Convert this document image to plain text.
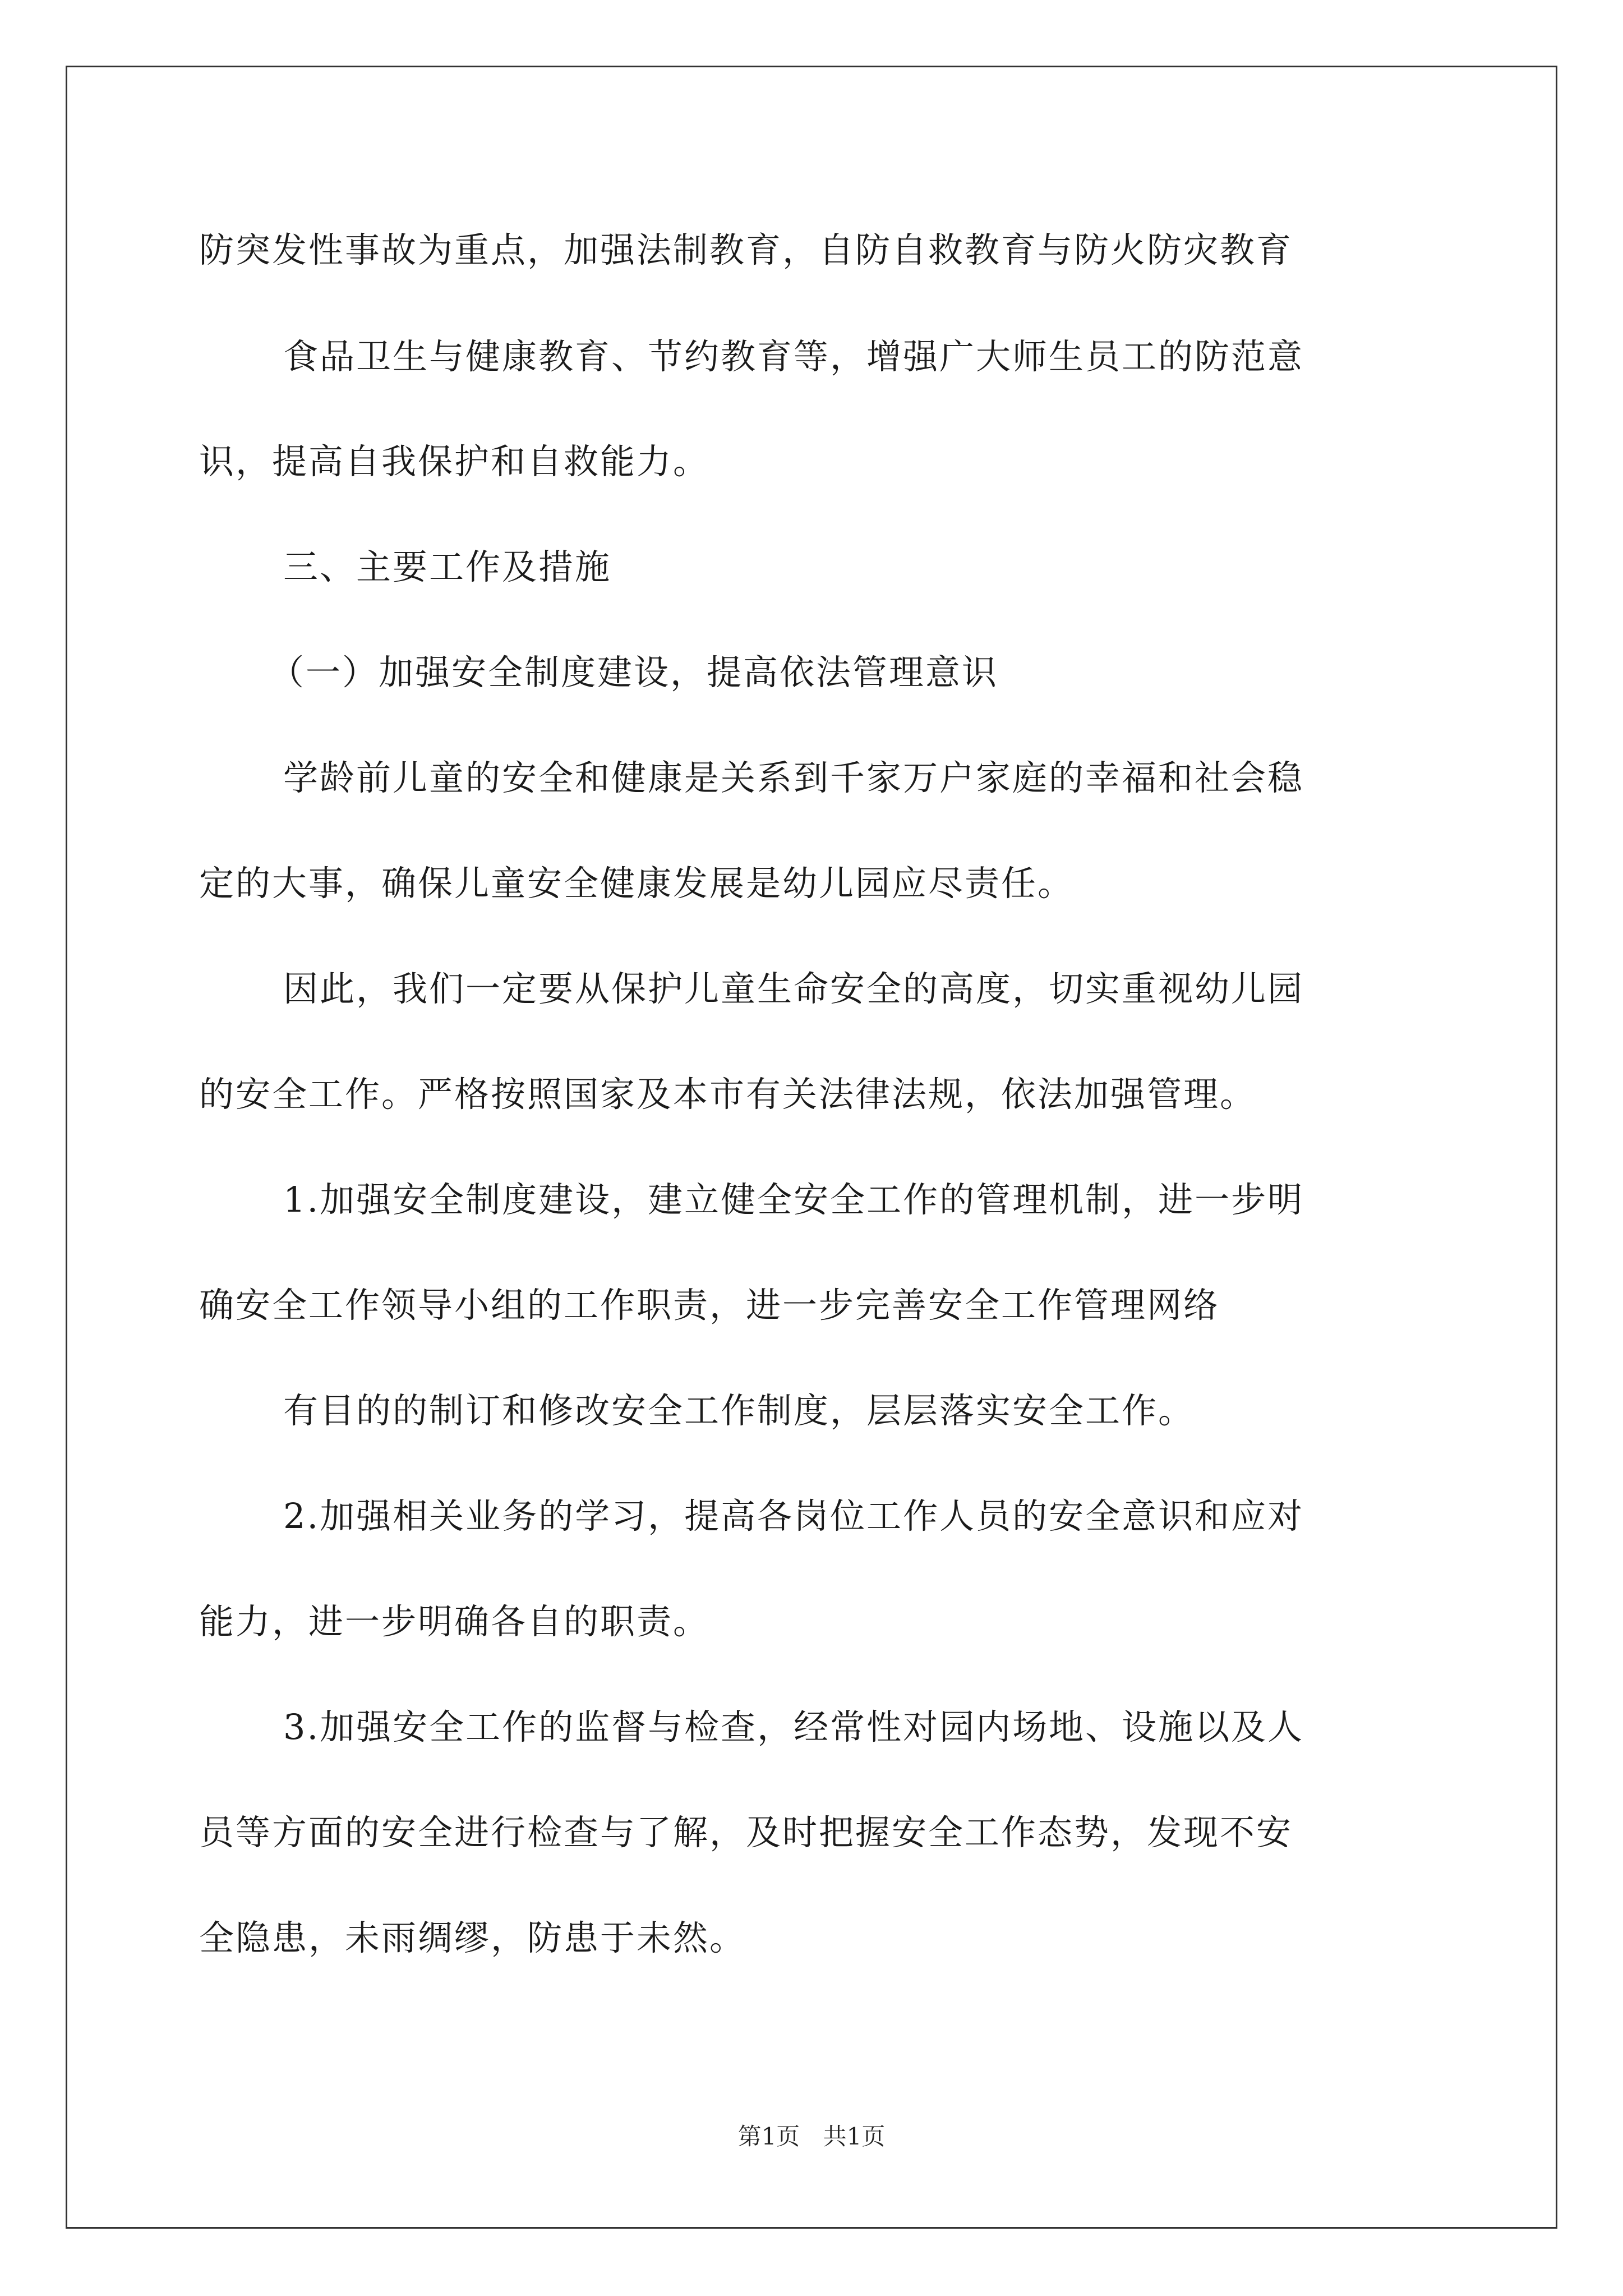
防突发性事故为重点，加强法制教育，自防自救教育与防火防灾教育
食品卫生与健康教育、节约教育等，增强广大师生员工的防范意
识，提高自我保护和自救能力。
三、主要工作及措施
（一）加强安全制度建设，提高依法管理意识
学龄前儿童的安全和健康是关系到千家万户家庭的幸福和社会稳
定的大事，确保儿童安全健康发展是幼儿园应尽责任。
因此，我们一定要从保护儿童生命安全的高度，切实重视幼儿园
的安全工作。严格按照国家及本市有关法律法规，依法加强管理。
1.加强安全制度建设，建立健全安全工作的管理机制，进一步明
确安全工作领导小组的工作职责，进一步完善安全工作管理网络
有目的的制订和修改安全工作制度，层层落实安全工作。
2.加强相关业务的学习，提高各岗位工作人员的安全意识和应对
能力，进一步明确各自的职责。
3.加强安全工作的监督与检查，经常性对园内场地、设施以及人
员等方面的安全进行检查与了解，及时把握安全工作态势，发现不安
全隐患，未雨绸缪，防患于未然。
第1页 共1页
